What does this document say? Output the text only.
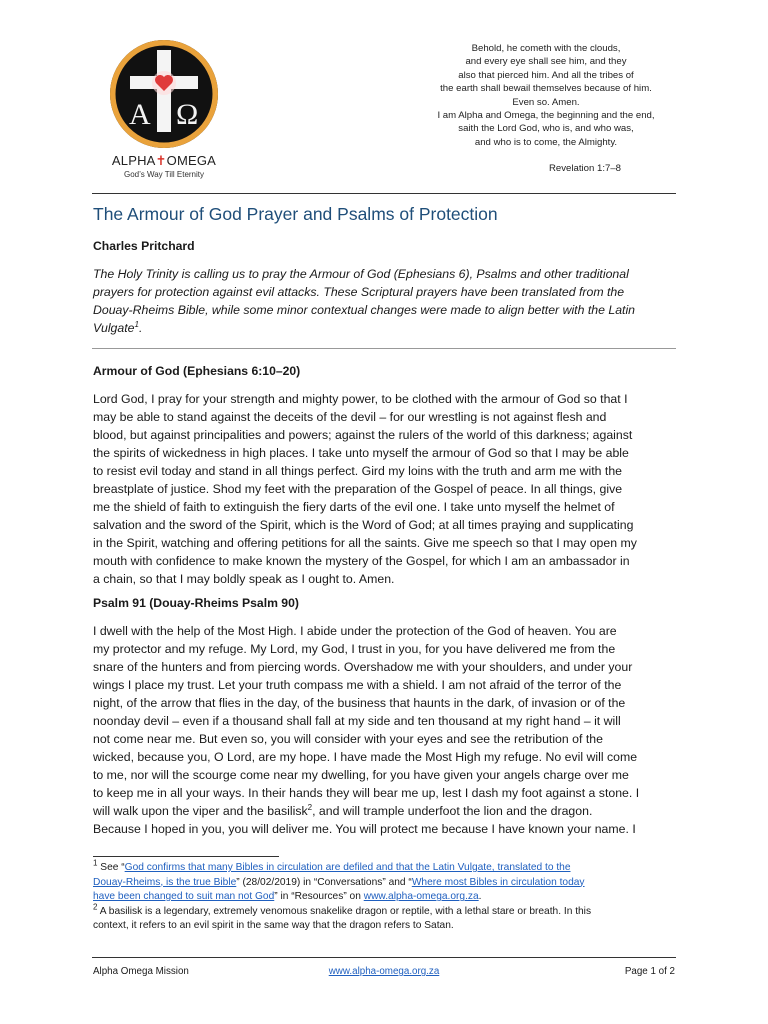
Α Ω
ALPHA✝OMEGA
God’s Way Till Eternity
Behold, he cometh with the clouds,
and every eye shall see him, and they
also that pierced him. And all the tribes of
the earth shall bewail themselves because of him.
Even so. Amen.
I am Alpha and Omega, the beginning and the end,
saith the Lord God, who is, and who was,
and who is to come, the Almighty.
Revelation 1:7–8
The Armour of God Prayer and Psalms of Protection
Charles Pritchard
The Holy Trinity is calling us to pray the Armour of God (Ephesians 6), Psalms and other traditional
prayers for protection against evil attacks. These Scriptural prayers have been translated from the
Douay-Rheims Bible, while some minor contextual changes were made to align better with the Latin
Vulgate$^1$.
Armour of God (Ephesians 6:10–20)
Lord God, I pray for your strength and mighty power, to be clothed with the armour of God so that I
may be able to stand against the deceits of the devil – for our wrestling is not against flesh and
blood, but against principalities and powers; against the rulers of the world of this darkness; against
the spirits of wickedness in high places. I take unto myself the armour of God so that I may be able
to resist evil today and stand in all things perfect. Gird my loins with the truth and arm me with the
breastplate of justice. Shod my feet with the preparation of the Gospel of peace. In all things, give
me the shield of faith to extinguish the fiery darts of the evil one. I take unto myself the helmet of
salvation and the sword of the Spirit, which is the Word of God; at all times praying and supplicating
in the Spirit, watching and offering petitions for all the saints. Give me speech so that I may open my
mouth with confidence to make known the mystery of the Gospel, for which I am an ambassador in
a chain, so that I may boldly speak as I ought to. Amen.
Psalm 91 (Douay-Rheims Psalm 90)
I dwell with the help of the Most High. I abide under the protection of the God of heaven. You are
my protector and my refuge. My Lord, my God, I trust in you, for you have delivered me from the
snare of the hunters and from piercing words. Overshadow me with your shoulders, and under your
wings I place my trust. Let your truth compass me with a shield. I am not afraid of the terror of the
night, of the arrow that flies in the day, of the business that haunts in the dark, of invasion or of the
noonday devil – even if a thousand shall fall at my side and ten thousand at my right hand – it will
not come near me. But even so, you will consider with your eyes and see the retribution of the
wicked, because you, O Lord, are my hope. I have made the Most High my refuge. No evil will come
to me, nor will the scourge come near my dwelling, for you have given your angels charge over me
to keep me in all your ways. In their hands they will bear me up, lest I dash my foot against a stone. I
will walk upon the viper and the basilisk$^2$, and will trample underfoot the lion and the dragon.
Because I hoped in you, you will deliver me. You will protect me because I have known your name. I
$^1$ See “God confirms that many Bibles in circulation are defiled and that the Latin Vulgate, translated to the
Douay-Rheims, is the true Bible” (28/02/2019) in “Conversations” and “Where most Bibles in circulation today
have been changed to suit man not God” in “Resources” on www.alpha-omega.org.za.
$^2$ A basilisk is a legendary, extremely venomous snakelike dragon or reptile, with a lethal stare or breath. In this
context, it refers to an evil spirit in the same way that the dragon refers to Satan.
Alpha Omega Mission	www.alpha-omega.org.za	Page 1 of 2
